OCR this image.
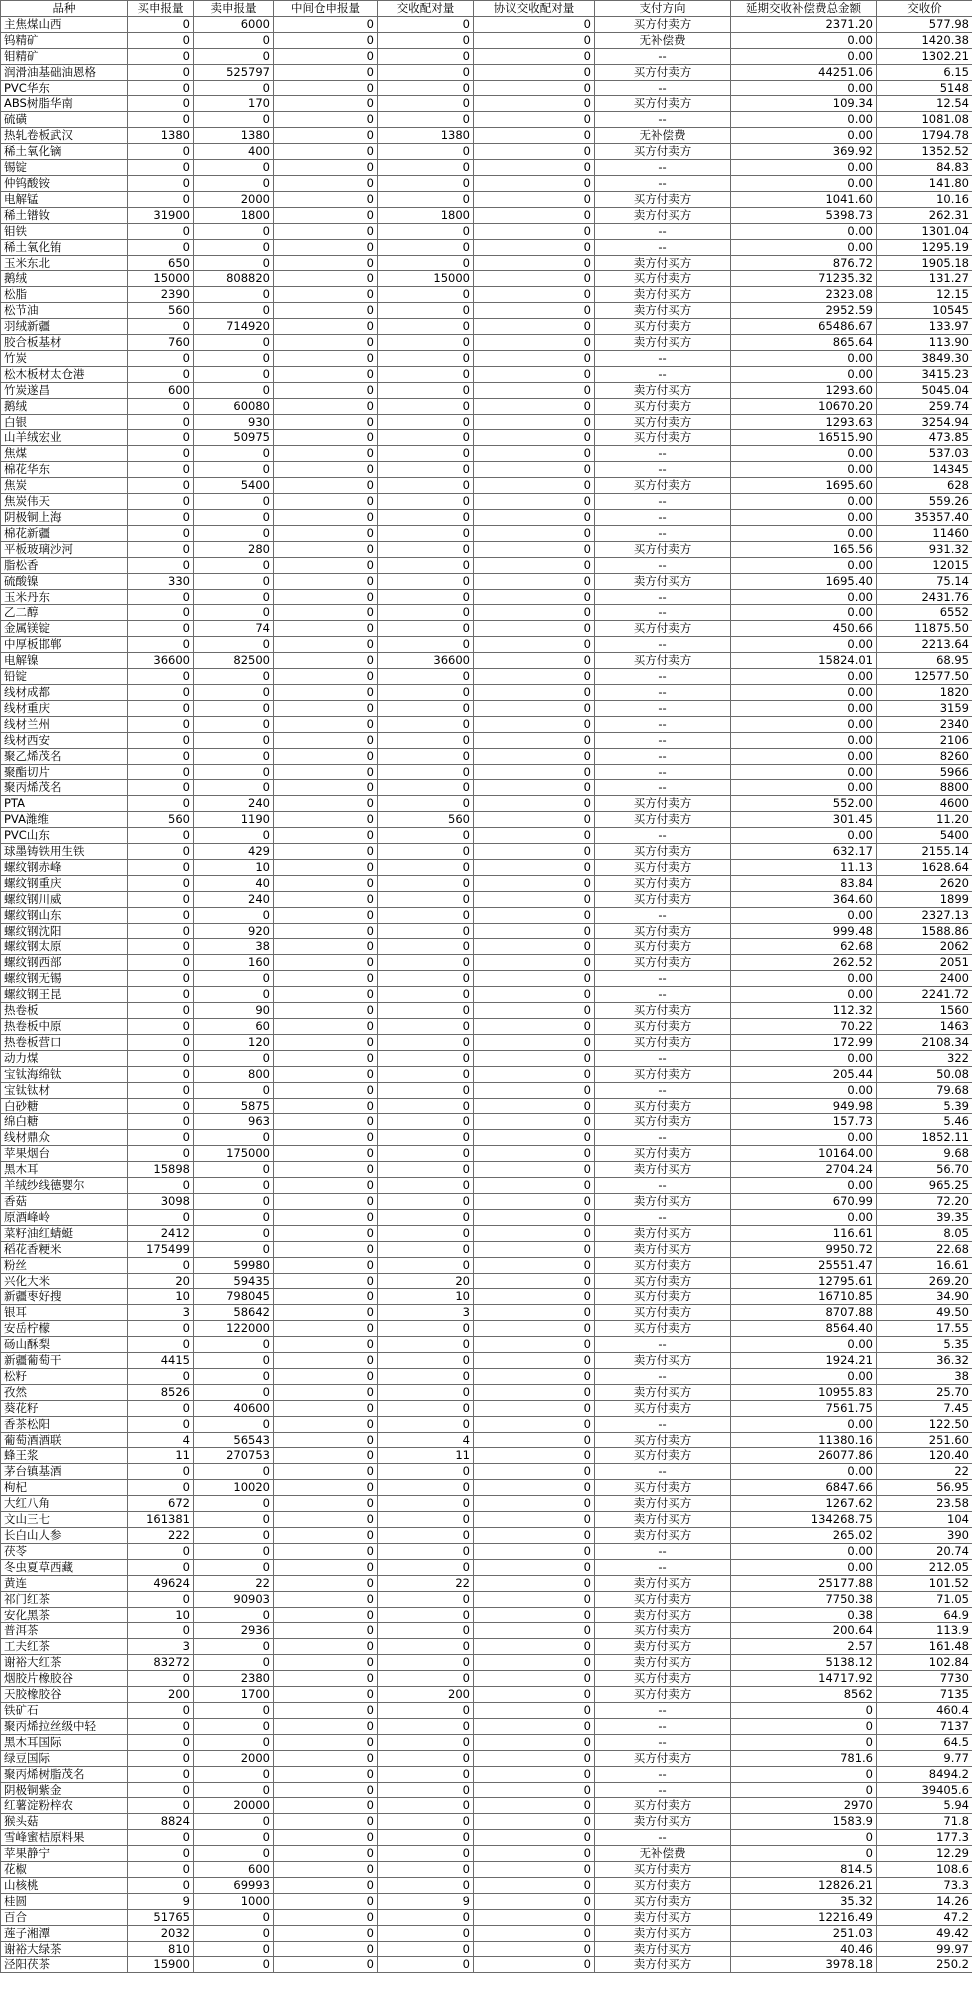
品种	买申报量	卖申报量	中间仓申报量	交收配对量	协议交收配对量	支付方向	延期交收补偿费总金额	交收价
主焦煤山西	0	6000	0	0	0	买方付卖方	2371.20	577.98
钨精矿	0	0	0	0	0	无补偿费	0.00	1420.38
钼精矿	0	0	0	0	0	--	0.00	1302.21
润滑油基础油恩格	0	525797	0	0	0	买方付卖方	44251.06	6.15
PVC华东	0	0	0	0	0	--	0.00	5148
ABS树脂华南	0	170	0	0	0	买方付卖方	109.34	12.54
硫磺	0	0	0	0	0	--	0.00	1081.08
热轧卷板武汉	1380	1380	0	1380	0	无补偿费	0.00	1794.78
稀土氧化镝	0	400	0	0	0	买方付卖方	369.92	1352.52
锡锭	0	0	0	0	0	--	0.00	84.83
仲钨酸铵	0	0	0	0	0	--	0.00	141.80
电解锰	0	2000	0	0	0	买方付卖方	1041.60	10.16
稀土镨钕	31900	1800	0	1800	0	卖方付买方	5398.73	262.31
钼铁	0	0	0	0	0	--	0.00	1301.04
稀土氧化铕	0	0	0	0	0	--	0.00	1295.19
玉米东北	650	0	0	0	0	卖方付买方	876.72	1905.18
鹅绒	15000	808820	0	15000	0	买方付卖方	71235.32	131.27
松脂	2390	0	0	0	0	卖方付买方	2323.08	12.15
松节油	560	0	0	0	0	卖方付买方	2952.59	10545
羽绒新疆	0	714920	0	0	0	买方付卖方	65486.67	133.97
胶合板基材	760	0	0	0	0	卖方付买方	865.64	113.90
竹炭	0	0	0	0	0	--	0.00	3849.30
松木板材太仓港	0	0	0	0	0	--	0.00	3415.23
竹炭遂昌	600	0	0	0	0	卖方付买方	1293.60	5045.04
鹅绒	0	60080	0	0	0	买方付卖方	10670.20	259.74
白银	0	930	0	0	0	买方付卖方	1293.63	3254.94
山羊绒宏业	0	50975	0	0	0	买方付卖方	16515.90	473.85
焦煤	0	0	0	0	0	--	0.00	537.03
棉花华东	0	0	0	0	0	--	0.00	14345
焦炭	0	5400	0	0	0	买方付卖方	1695.60	628
焦炭伟天	0	0	0	0	0	--	0.00	559.26
阴极铜上海	0	0	0	0	0	--	0.00	35357.40
棉花新疆	0	0	0	0	0	--	0.00	11460
平板玻璃沙河	0	280	0	0	0	买方付卖方	165.56	931.32
脂松香	0	0	0	0	0	--	0.00	12015
硫酸镍	330	0	0	0	0	卖方付买方	1695.40	75.14
玉米丹东	0	0	0	0	0	--	0.00	2431.76
乙二醇	0	0	0	0	0	--	0.00	6552
金属镁锭	0	74	0	0	0	买方付卖方	450.66	11875.50
中厚板邯郸	0	0	0	0	0	--	0.00	2213.64
电解镍	36600	82500	0	36600	0	买方付卖方	15824.01	68.95
铅锭	0	0	0	0	0	--	0.00	12577.50
线材成都	0	0	0	0	0	--	0.00	1820
线材重庆	0	0	0	0	0	--	0.00	3159
线材兰州	0	0	0	0	0	--	0.00	2340
线材西安	0	0	0	0	0	--	0.00	2106
聚乙烯茂名	0	0	0	0	0	--	0.00	8260
聚酯切片	0	0	0	0	0	--	0.00	5966
聚丙烯茂名	0	0	0	0	0	--	0.00	8800
PTA	0	240	0	0	0	买方付卖方	552.00	4600
PVA潍维	560	1190	0	560	0	买方付卖方	301.45	11.20
PVC山东	0	0	0	0	0	--	0.00	5400
球墨铸铁用生铁	0	429	0	0	0	买方付卖方	632.17	2155.14
螺纹钢赤峰	0	10	0	0	0	买方付卖方	11.13	1628.64
螺纹钢重庆	0	40	0	0	0	买方付卖方	83.84	2620
螺纹钢川威	0	240	0	0	0	买方付卖方	364.60	1899
螺纹钢山东	0	0	0	0	0	--	0.00	2327.13
螺纹钢沈阳	0	920	0	0	0	买方付卖方	999.48	1588.86
螺纹钢太原	0	38	0	0	0	买方付卖方	62.68	2062
螺纹钢西部	0	160	0	0	0	买方付卖方	262.52	2051
螺纹钢无锡	0	0	0	0	0	--	0.00	2400
螺纹钢王昆	0	0	0	0	0	--	0.00	2241.72
热卷板	0	90	0	0	0	买方付卖方	112.32	1560
热卷板中原	0	60	0	0	0	买方付卖方	70.22	1463
热卷板营口	0	120	0	0	0	买方付卖方	172.99	2108.34
动力煤	0	0	0	0	0	--	0.00	322
宝钛海绵钛	0	800	0	0	0	买方付卖方	205.44	50.08
宝钛钛材	0	0	0	0	0	--	0.00	79.68
白砂糖	0	5875	0	0	0	买方付卖方	949.98	5.39
绵白糖	0	963	0	0	0	买方付卖方	157.73	5.46
线材鼎众	0	0	0	0	0	--	0.00	1852.11
苹果烟台	0	175000	0	0	0	买方付卖方	10164.00	9.68
黑木耳	15898	0	0	0	0	卖方付买方	2704.24	56.70
羊绒纱线德婴尔	0	0	0	0	0	--	0.00	965.25
香菇	3098	0	0	0	0	卖方付买方	670.99	72.20
原酒峰岭	0	0	0	0	0	--	0.00	39.35
菜籽油红蜻蜓	2412	0	0	0	0	卖方付买方	116.61	8.05
稻花香粳米	175499	0	0	0	0	卖方付买方	9950.72	22.68
粉丝	0	59980	0	0	0	买方付卖方	25551.47	16.61
兴化大米	20	59435	0	20	0	买方付卖方	12795.61	269.20
新疆枣好搜	10	798045	0	10	0	买方付卖方	16710.85	34.90
银耳	3	58642	0	3	0	买方付卖方	8707.88	49.50
安岳柠檬	0	122000	0	0	0	买方付卖方	8564.40	17.55
砀山酥梨	0	0	0	0	0	--	0.00	5.35
新疆葡萄干	4415	0	0	0	0	卖方付买方	1924.21	36.32
松籽	0	0	0	0	0	--	0.00	38
孜然	8526	0	0	0	0	卖方付买方	10955.83	25.70
葵花籽	0	40600	0	0	0	买方付卖方	7561.75	7.45
香茶松阳	0	0	0	0	0	--	0.00	122.50
葡萄酒酒联	4	56543	0	4	0	买方付卖方	11380.16	251.60
蜂王浆	11	270753	0	11	0	买方付卖方	26077.86	120.40
茅台镇基酒	0	0	0	0	0	--	0.00	22
枸杞	0	10020	0	0	0	买方付卖方	6847.66	56.95
大红八角	672	0	0	0	0	卖方付买方	1267.62	23.58
文山三七	161381	0	0	0	0	卖方付买方	134268.75	104
长白山人参	222	0	0	0	0	卖方付买方	265.02	390
茯苓	0	0	0	0	0	--	0.00	20.74
冬虫夏草西藏	0	0	0	0	0	--	0.00	212.05
黄连	49624	22	0	22	0	卖方付买方	25177.88	101.52
祁门红茶	0	90903	0	0	0	买方付卖方	7750.38	71.05
安化黑茶	10	0	0	0	0	卖方付买方	0.38	64.9
普洱茶	0	2936	0	0	0	买方付卖方	200.64	113.9
工夫红茶	3	0	0	0	0	卖方付买方	2.57	161.48
谢裕大红茶	83272	0	0	0	0	卖方付买方	5138.12	102.84
烟胶片橡胶谷	0	2380	0	0	0	买方付卖方	14717.92	7730
天胶橡胶谷	200	1700	0	200	0	买方付卖方	8562	7135
铁矿石	0	0	0	0	0	--	0	460.4
聚丙烯拉丝级中轻	0	0	0	0	0	--	0	7137
黑木耳国际	0	0	0	0	0	--	0	64.5
绿豆国际	0	2000	0	0	0	买方付卖方	781.6	9.77
聚丙烯树脂茂名	0	0	0	0	0	--	0	8494.2
阴极铜紫金	0	0	0	0	0	--	0	39405.6
红薯淀粉梓农	0	20000	0	0	0	买方付卖方	2970	5.94
猴头菇	8824	0	0	0	0	卖方付买方	1583.9	71.8
雪峰蜜桔原料果	0	0	0	0	0	--	0	177.3
苹果静宁	0	0	0	0	0	无补偿费	0	12.29
花椒	0	600	0	0	0	买方付卖方	814.5	108.6
山核桃	0	69993	0	0	0	买方付卖方	12826.21	73.3
桂圆	9	1000	0	9	0	买方付卖方	35.32	14.26
百合	51765	0	0	0	0	卖方付买方	12216.49	47.2
莲子湘潭	2032	0	0	0	0	卖方付买方	251.03	49.42
谢裕大绿茶	810	0	0	0	0	卖方付买方	40.46	99.97
泾阳茯茶	15900	0	0	0	0	卖方付买方	3978.18	250.2
